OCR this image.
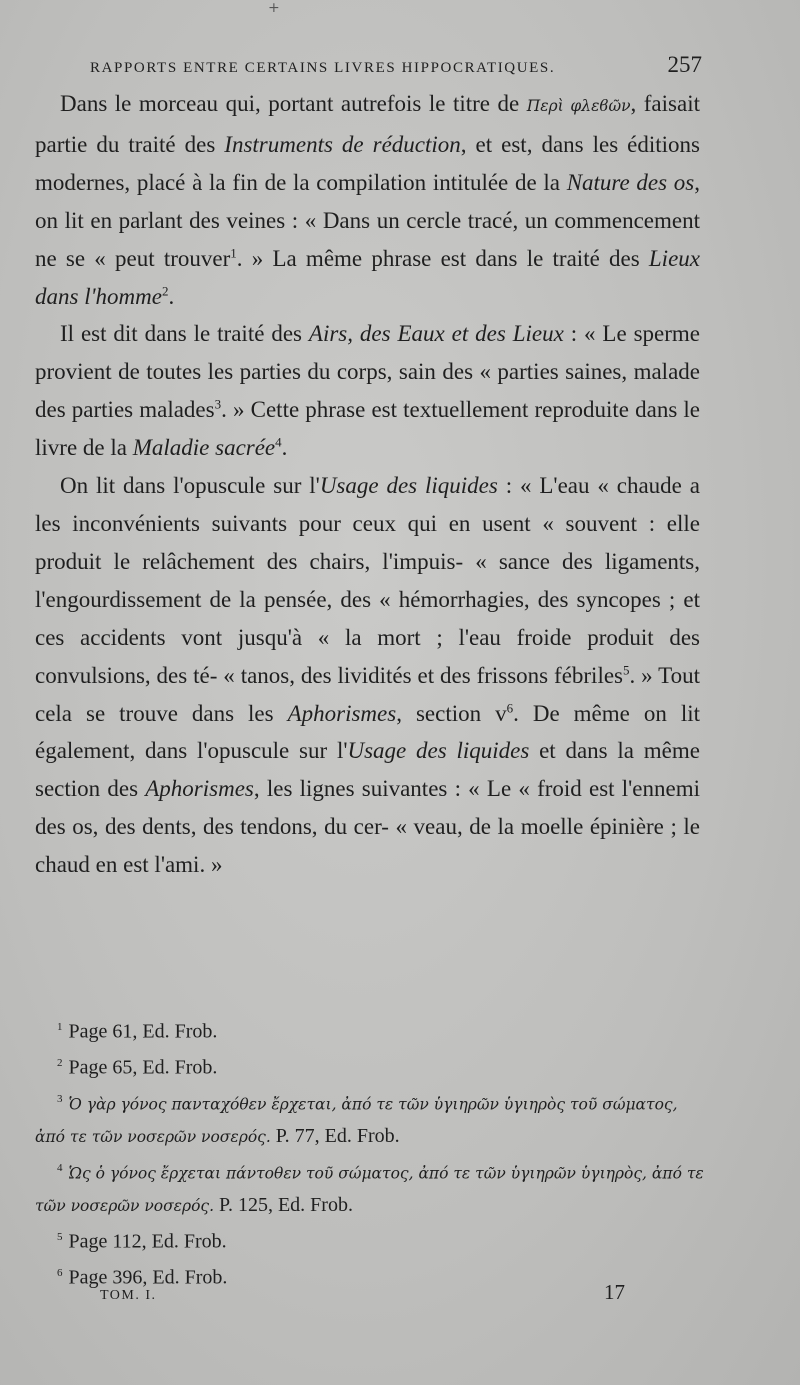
+
RAPPORTS ENTRE CERTAINS LIVRES HIPPOCRATIQUES.	257

Dans le morceau qui, portant autrefois le titre de Περὶ φλεϐῶν, faisait partie du traité des Instruments de réduction, et est, dans les éditions modernes, placé à la fin de la compilation intitulée de la Nature des os, on lit en parlant des veines : « Dans un cercle tracé, un commencement ne se « peut trouver$^1$. » La même phrase est dans le traité des Lieux dans l'homme$^2$.

Il est dit dans le traité des Airs, des Eaux et des Lieux : « Le sperme provient de toutes les parties du corps, sain des « parties saines, malade des parties malades$^3$. » Cette phrase est textuellement reproduite dans le livre de la Maladie sacrée$^4$.

On lit dans l'opuscule sur l'Usage des liquides : « L'eau « chaude a les inconvénients suivants pour ceux qui en usent « souvent : elle produit le relâchement des chairs, l'impuis- « sance des ligaments, l'engourdissement de la pensée, des « hémorrhagies, des syncopes ; et ces accidents vont jusqu'à « la mort ; l'eau froide produit des convulsions, des té- « tanos, des lividités et des frissons fébriles$^5$. » Tout cela se trouve dans les Aphorismes, section $v^6$. De même on lit également, dans l'opuscule sur l'Usage des liquides et dans la même section des Aphorismes, les lignes suivantes : « Le « froid est l'ennemi des os, des dents, des tendons, du cer- « veau, de la moelle épinière ; le chaud en est l'ami. »

$^1$ Page 61, Ed. Frob.
$^2$ Page 65, Ed. Frob.
$^3$ Ὁ γὰρ γόνος πανταχόθεν ἔρχεται, ἀπό τε τῶν ὑγιηρῶν ὑγιηρὸς τοῦ σώματος, ἀπό τε τῶν νοσερῶν νοσερός. P. 77, Ed. Frob.
$^4$ Ὡς ὁ γόνος ἔρχεται πάντοθεν τοῦ σώματος, ἀπό τε τῶν ὑγιηρῶν ὑγιηρὸς, ἀπό τε τῶν νοσερῶν νοσερός. P. 125, Ed. Frob.
$^5$ Page 112, Ed. Frob.
$^6$ Page 396, Ed. Frob.
TOM. I.	17
